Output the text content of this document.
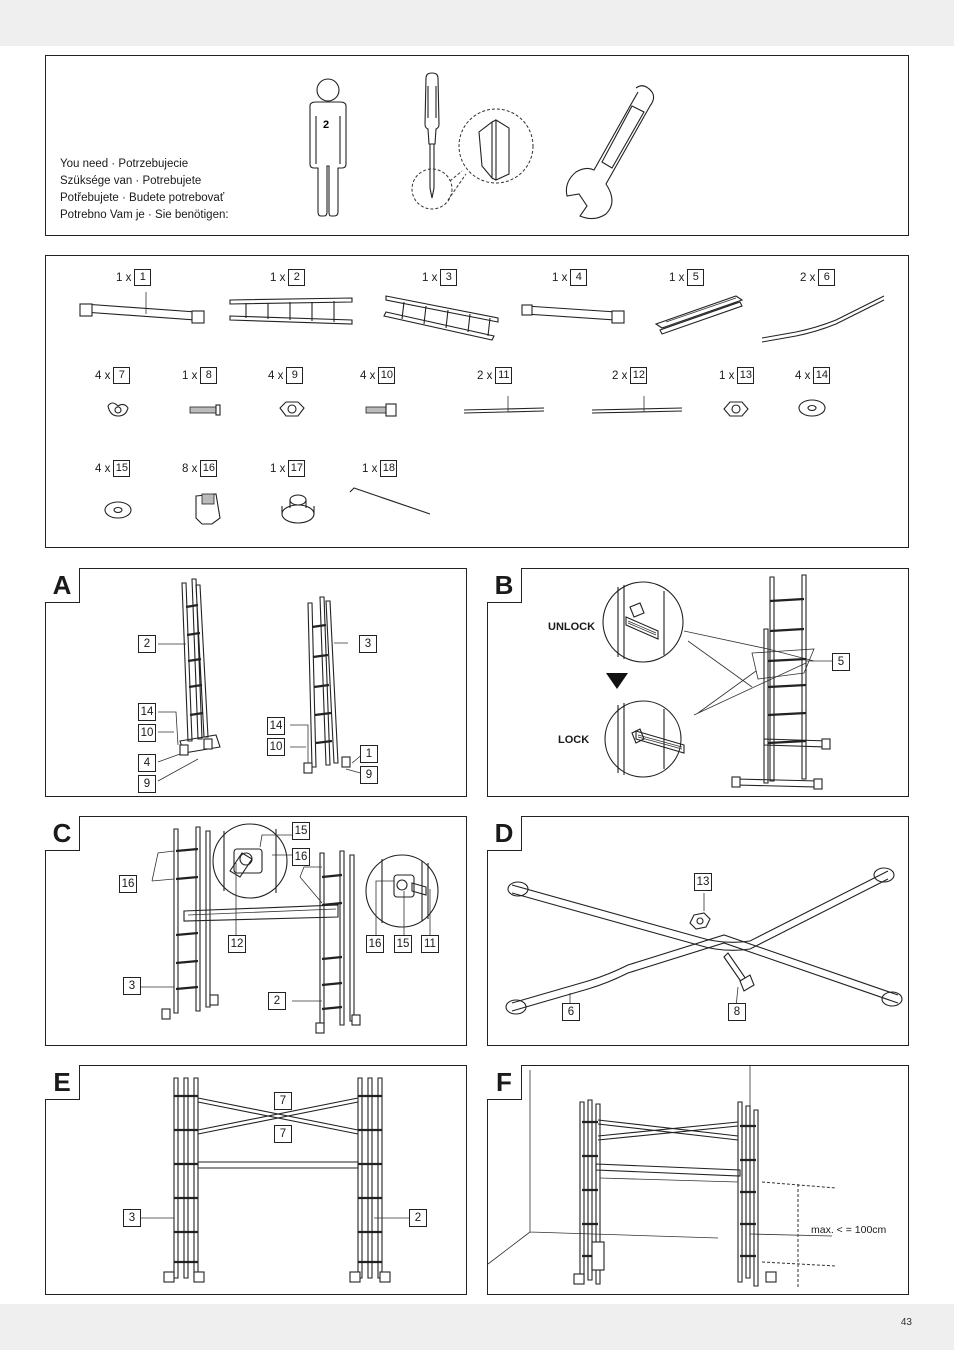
43
You need · Potrzebujecie
Szüksége van · Potrebujete
Potřebujete · Budete potrebovať
Potrebno Vam je · Sie benötigen:
2
1 x 1	1 x 2	1 x 3	1 x 4	1 x 5	2 x 6
4 x 7	1 x 8	4 x 9	4 x 10	2 x 11	2 x 12	1 x 13	4 x 14
4 x 15	8 x 16	1 x 17	1 x 18
A
2
14
10
4
9
3
14
10
1
9
B
UNLOCK
LOCK
5
C	15
16
16
12
3
2
16 15 11
D
13
6	8
E
7
7
3	2
F
max. < = 100cm
